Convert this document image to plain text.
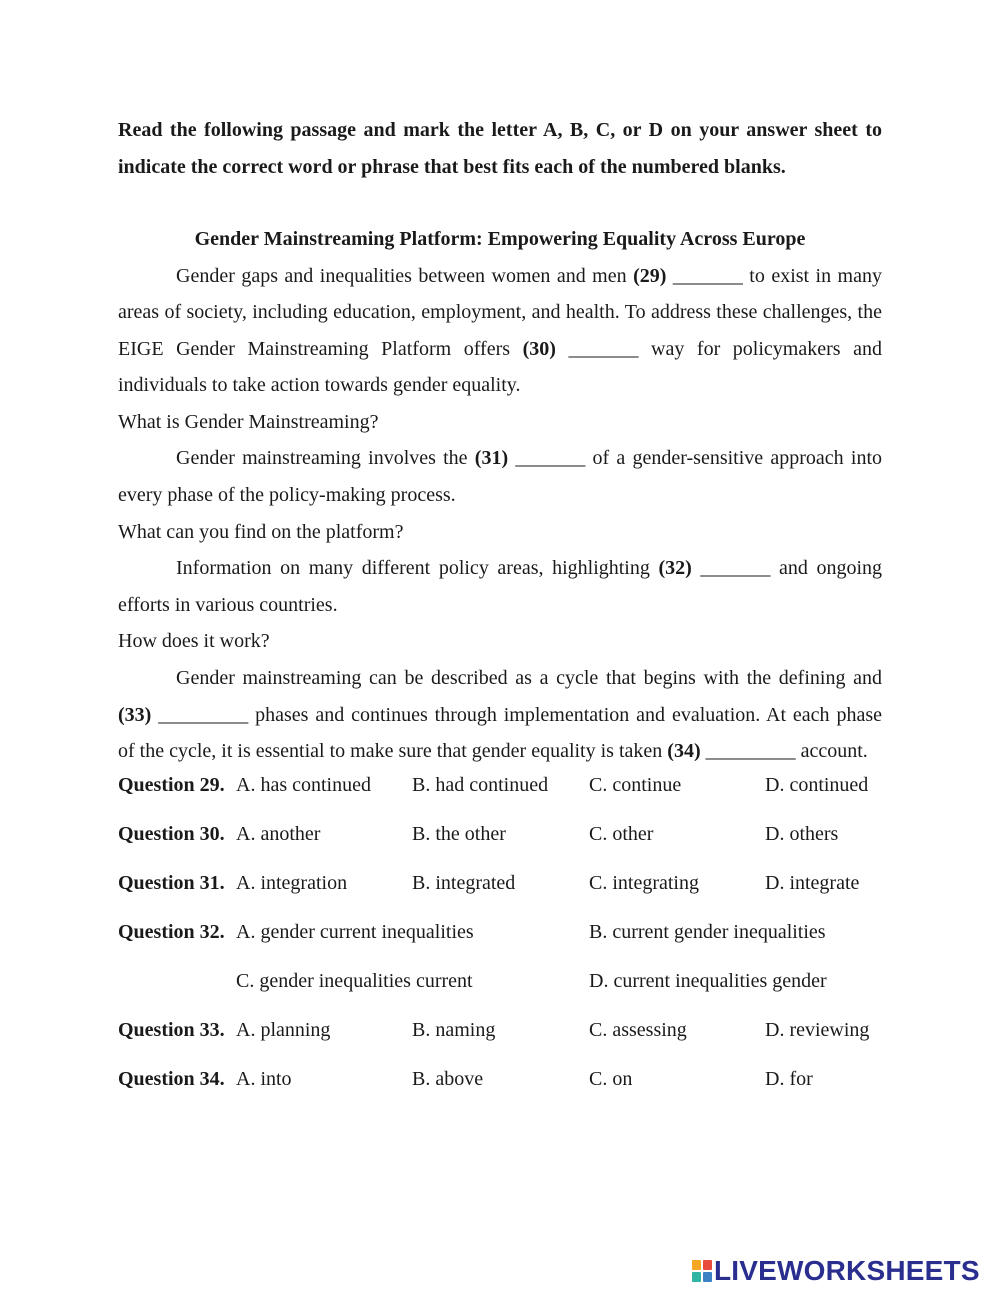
Read the following passage and mark the letter A, B, C, or D on your answer sheet to indicate the correct word or phrase that best fits each of the numbered blanks.

Gender Mainstreaming Platform: Empowering Equality Across Europe

Gender gaps and inequalities between women and men (29) _______ to exist in many areas of society, including education, employment, and health. To address these challenges, the EIGE Gender Mainstreaming Platform offers (30) _______ way for policymakers and individuals to take action towards gender equality.

What is Gender Mainstreaming?

Gender mainstreaming involves the (31) _______ of a gender-sensitive approach into every phase of the policy-making process.

What can you find on the platform?

Information on many different policy areas, highlighting (32) _______ and ongoing efforts in various countries.

How does it work?

Gender mainstreaming can be described as a cycle that begins with the defining and (33) _________ phases and continues through implementation and evaluation. At each phase of the cycle, it is essential to make sure that gender equality is taken (34) _________ account.

Question 29. A. has continued B. had continued C. continue	D. continued
Question 30. A. another	B. the other	C. other	D. others
Question 31. A. integration	B. integrated	C. integrating	D. integrate
Question 32. A. gender current inequalities	B. current gender inequalities
C. gender inequalities current	D. current inequalities gender
Question 33. A. planning	B. naming	C. assessing	D. reviewing
Question 34. A. into	B. above	C. on	D. for
LIVEWORKSHEETS
